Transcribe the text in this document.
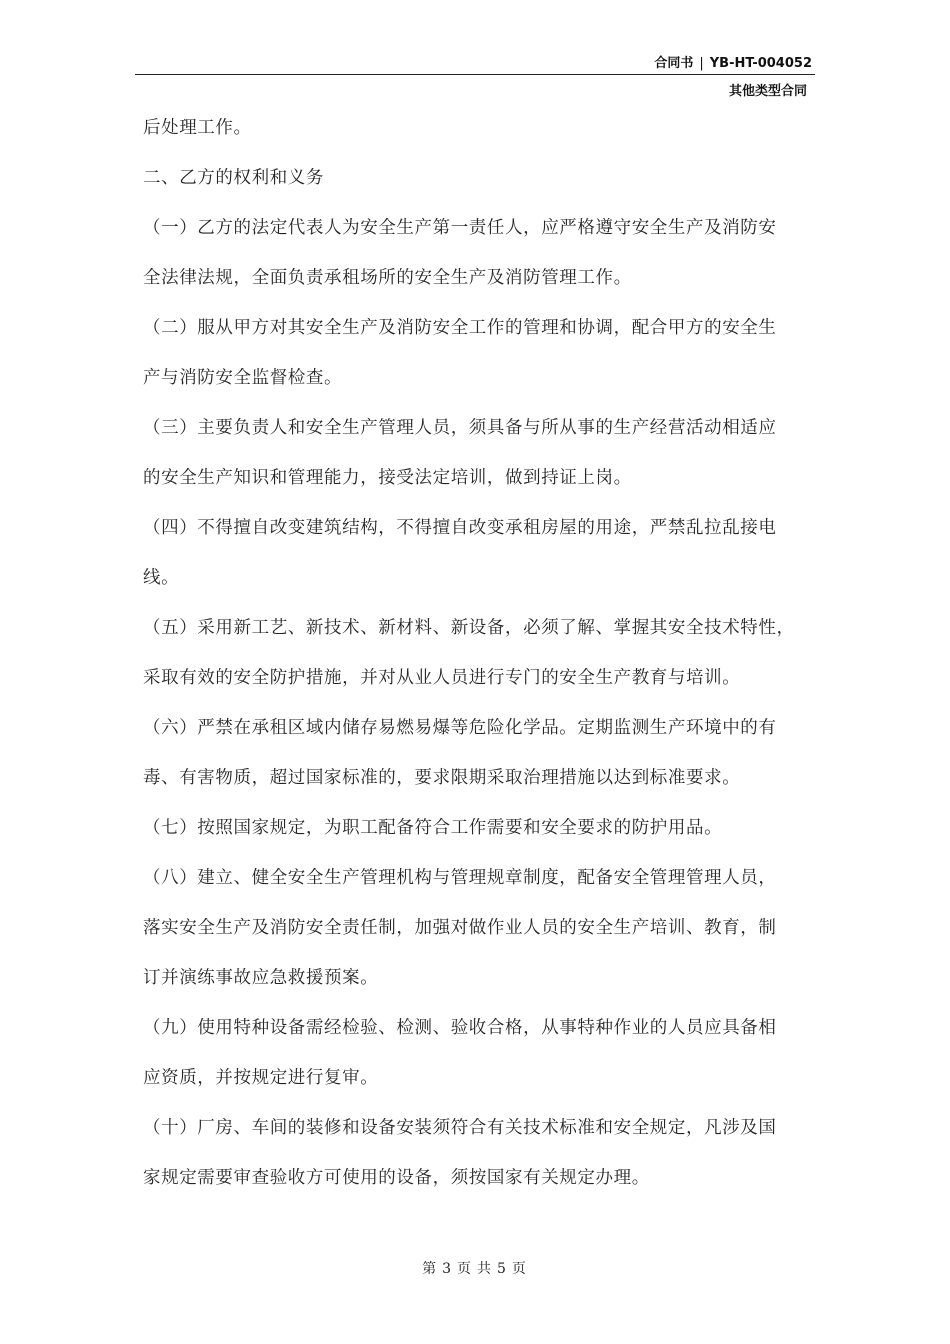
合同书 | YB-HT-004052
其他类型合同
后处理工作。
二、乙方的权利和义务
（一）乙方的法定代表人为安全生产第一责任人，应严格遵守安全生产及消防安
全法律法规，全面负责承租场所的安全生产及消防管理工作。
（二）服从甲方对其安全生产及消防安全工作的管理和协调，配合甲方的安全生
产与消防安全监督检查。
（三）主要负责人和安全生产管理人员，须具备与所从事的生产经营活动相适应
的安全生产知识和管理能力，接受法定培训，做到持证上岗。
（四）不得擅自改变建筑结构，不得擅自改变承租房屋的用途，严禁乱拉乱接电
线。
（五）采用新工艺、新技术、新材料、新设备，必须了解、掌握其安全技术特性，
采取有效的安全防护措施，并对从业人员进行专门的安全生产教育与培训。
（六）严禁在承租区域内储存易燃易爆等危险化学品。定期监测生产环境中的有
毒、有害物质，超过国家标准的，要求限期采取治理措施以达到标准要求。
（七）按照国家规定，为职工配备符合工作需要和安全要求的防护用品。
（八）建立、健全安全生产管理机构与管理规章制度，配备安全管理管理人员，
落实安全生产及消防安全责任制，加强对做作业人员的安全生产培训、教育，制
订并演练事故应急救援预案。
（九）使用特种设备需经检验、检测、验收合格，从事特种作业的人员应具备相
应资质，并按规定进行复审。
（十）厂房、车间的装修和设备安装须符合有关技术标准和安全规定，凡涉及国
家规定需要审查验收方可使用的设备，须按国家有关规定办理。
第 3 页 共 5 页
